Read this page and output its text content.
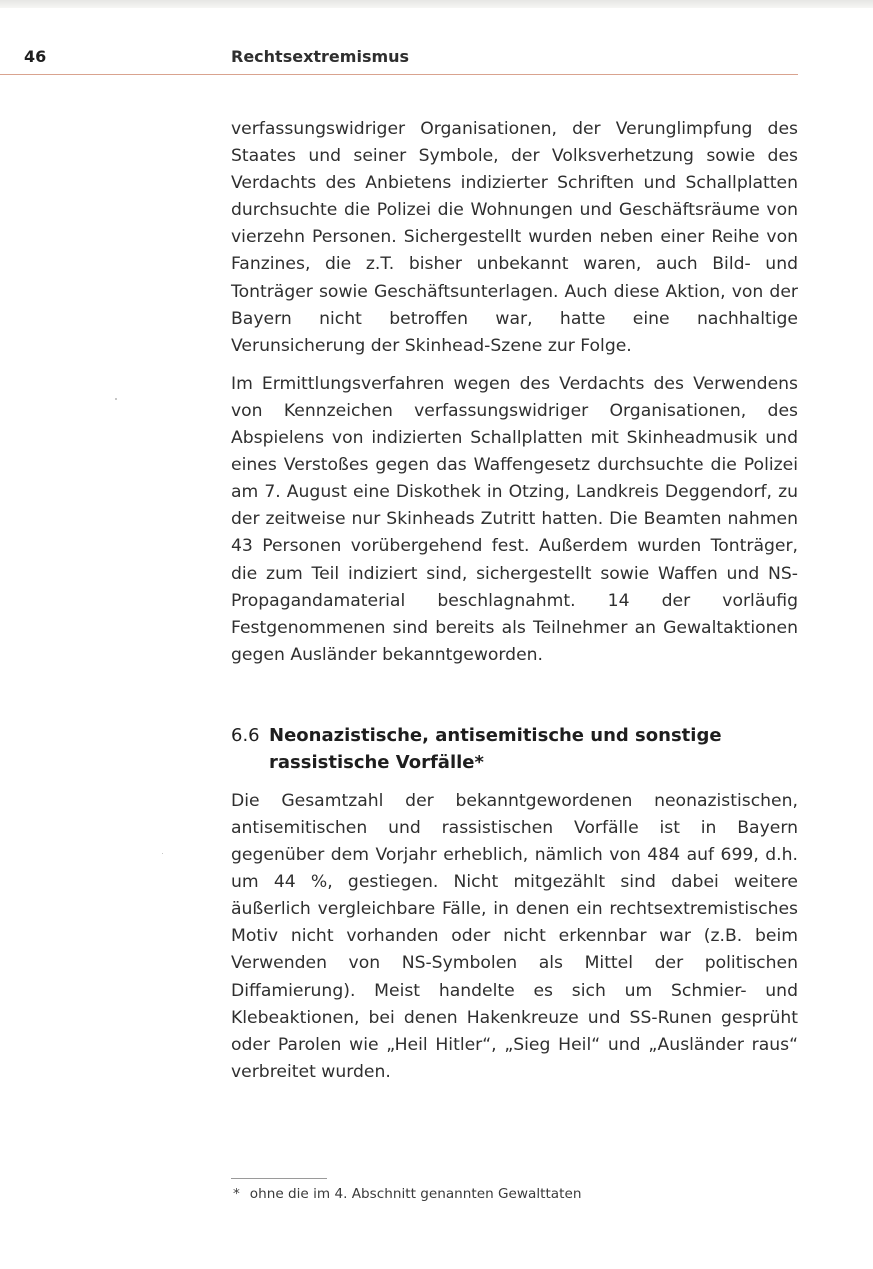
46	Rechtsextremismus

verfassungswidriger Organisationen, der Verunglimpfung des Staates und seiner Symbole, der Volksverhetzung sowie des Verdachts des Anbietens indizierter Schriften und Schallplatten durchsuchte die Polizei die Wohnungen und Geschäftsräume von vierzehn Personen. Sichergestellt wurden neben einer Reihe von Fanzines, die z.T. bisher unbekannt waren, auch Bild- und Tonträger sowie Geschäftsunterlagen. Auch diese Aktion, von der Bayern nicht betroffen war, hatte eine nachhaltige Verunsicherung der Skinhead-Szene zur Folge.

Im Ermittlungsverfahren wegen des Verdachts des Verwendens von Kennzeichen verfassungswidriger Organisationen, des Abspielens von indizierten Schallplatten mit Skinheadmusik und eines Verstoßes gegen das Waffengesetz durchsuchte die Polizei am 7. August eine Diskothek in Otzing, Landkreis Deggendorf, zu der zeitweise nur Skinheads Zutritt hatten. Die Beamten nahmen 43 Personen vorübergehend fest. Außerdem wurden Tonträger, die zum Teil indiziert sind, sichergestellt sowie Waffen und NS-Propagandamaterial beschlagnahmt. 14 der vorläufig Festgenommenen sind bereits als Teilnehmer an Gewaltaktionen gegen Ausländer bekanntgeworden.

6.6 Neonazistische, antisemitische und sonstige rassistische Vorfälle*

Die Gesamtzahl der bekanntgewordenen neonazistischen, antisemitischen und rassistischen Vorfälle ist in Bayern gegenüber dem Vorjahr erheblich, nämlich von 484 auf 699, d.h. um 44 %, gestiegen. Nicht mitgezählt sind dabei weitere äußerlich vergleichbare Fälle, in denen ein rechtsextremistisches Motiv nicht vorhanden oder nicht erkennbar war (z.B. beim Verwenden von NS-Symbolen als Mittel der politischen Diffamierung). Meist handelte es sich um Schmier- und Klebeaktionen, bei denen Hakenkreuze und SS-Runen gesprüht oder Parolen wie „Heil Hitler“, „Sieg Heil“ und „Ausländer raus“ verbreitet wurden.

* ohne die im 4. Abschnitt genannten Gewalttaten
